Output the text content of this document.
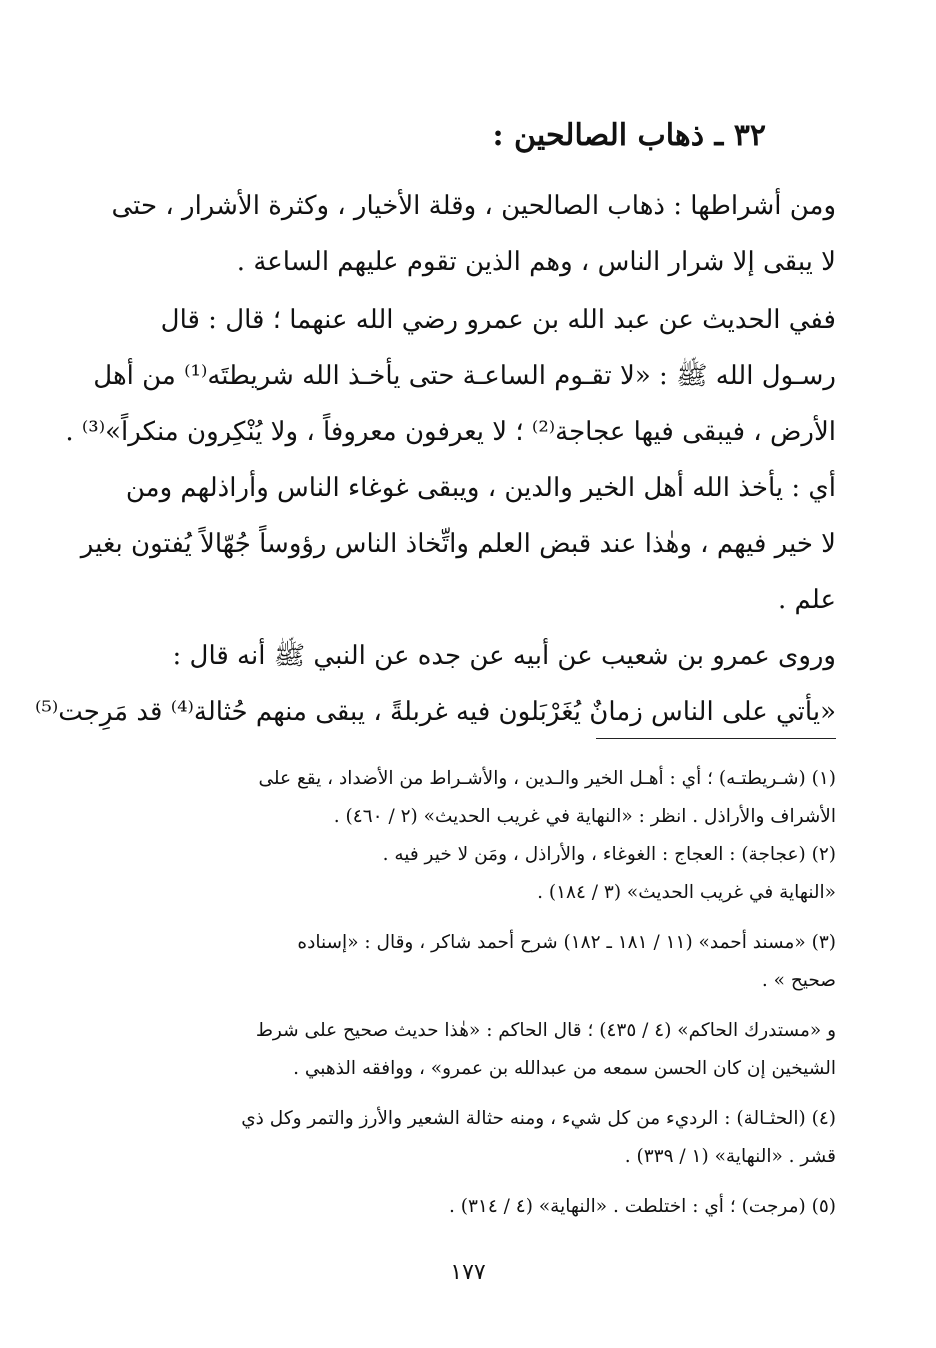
٣٢ ـ ذهاب الصالحين :

ومن أشراطها : ذهاب الصالحين ، وقلة الأخيار ، وكثرة الأشرار ، حتى
لا يبقى إلا شرار الناس ، وهم الذين تقوم عليهم الساعة .

ففي الحديث عن عبد الله بن عمرو رضي الله عنهما ؛ قال : قال
رسـول الله ﷺ : «لا تقـوم الساعـة حتى يأخـذ الله شريطتَه⁽¹⁾ من أهل
الأرض ، فيبقى فيها عجاجة⁽²⁾ ؛ لا يعرفون معروفاً ، ولا يُنْكِرون منكراً»⁽³⁾ .

أي : يأخذ الله أهل الخير والدين ، ويبقى غوغاء الناس وأراذلهم ومن
لا خير فيهم ، وهٰذا عند قبض العلم واتِّخاذ الناس رؤوساً جُهّالاً يُفتون بغير
علم .

وروى عمرو بن شعيب عن أبيه عن جده عن النبي ﷺ أنه قال :
«يأتي على الناس زمانٌ يُغَرْبَلون فيه غربلةً ، يبقى منهم حُثالة⁽⁴⁾ قد مَرِجت⁽⁵⁾

(١) (شـريطتـه) ؛ أي : أهـل الخير والـدين ، والأشـراط من الأضداد ، يقع على
الأشراف والأراذل . انظر : «النهاية في غريب الحديث» (٢ / ٤٦٠) .
(٢) (عجاجة) : العجاج : الغوغاء ، والأراذل ، ومَن لا خير فيه .
«النهاية في غريب الحديث» (٣ / ١٨٤) .
(٣) «مسند أحمد» (١١ / ١٨١ ـ ١٨٢) شرح أحمد شاكر ، وقال : «إسناده
صحيح » .
و «مستدرك الحاكم» (٤ / ٤٣٥) ؛ قال الحاكم : «هٰذا حديث صحيح على شرط
الشيخين إن كان الحسن سمعه من عبدالله بن عمرو» ، ووافقه الذهبي .
(٤) (الحثـالة) : الرديء من كل شيء ، ومنه حثالة الشعير والأرز والتمر وكل ذي
قشر . «النهاية» (١ / ٣٣٩) .
(٥) (مرجت) ؛ أي : اختلطت . «النهاية» (٤ / ٣١٤) .

١٧٧
